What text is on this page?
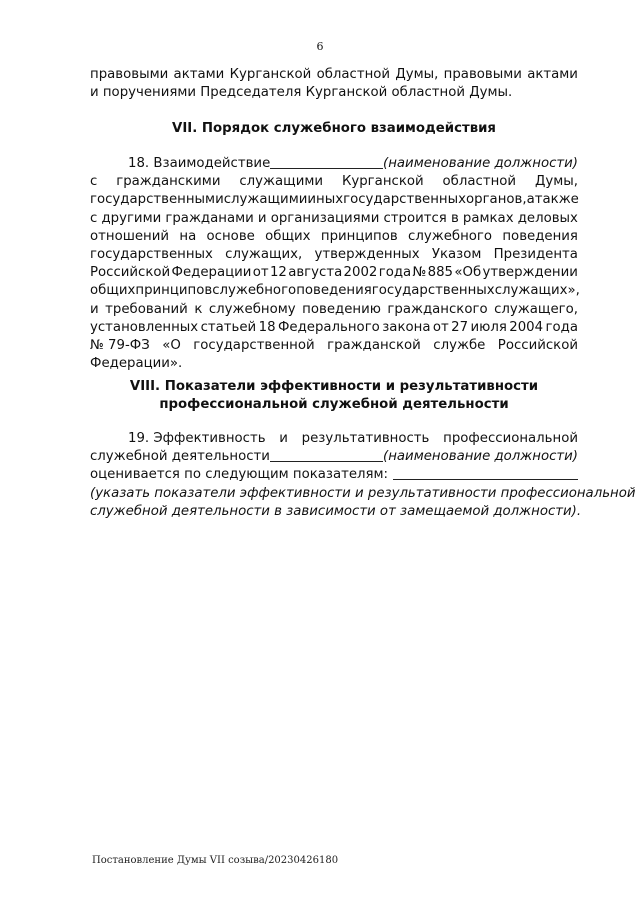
6
правовыми актами Курганской областной Думы, правовыми актами
и поручениями Председателя Курганской областной Думы.
VII. Порядок служебного взаимодействия
18. Взаимодействие	(наименование должности)
с гражданскими служащими Курганской областной Думы,
государственными служащими иных государственных органов, а также
с другими гражданами и организациями строится в рамках деловых
отношений на основе общих принципов служебного поведения
государственных служащих, утвержденных Указом Президента
Российской Федерации от 12 августа 2002 года № 885 «Об утверждении
общих принципов служебного поведения государственных служащих»,
и требований к служебному поведению гражданского служащего,
установленных статьей 18 Федерального закона от 27 июля 2004 года
№ 79-ФЗ «О государственной гражданской службе Российской
Федерации».
VIII. Показатели эффективности и результативности
профессиональной служебной деятельности
19. Эффективность и результативность профессиональной
служебной деятельности	(наименование должности)
оценивается по следующим показателям:
(указать показатели эффективности и результативности профессиональной
служебной деятельности в зависимости от замещаемой должности).
Постановление Думы VII созыва/20230426180
